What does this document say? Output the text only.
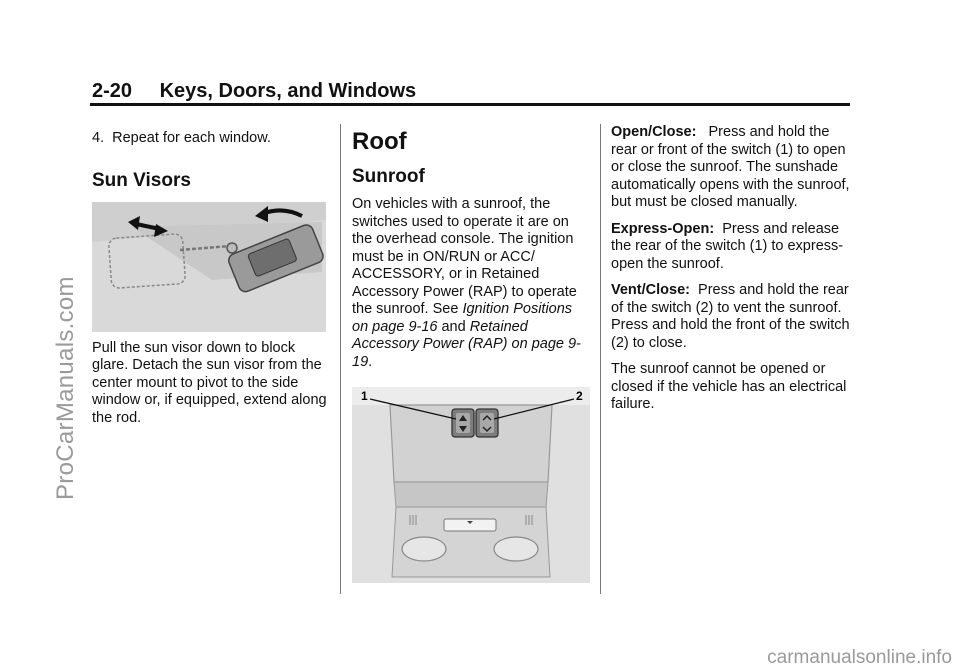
2-20 Keys, Doors, and Windows
4. Repeat for each window.
Sun Visors

Pull the sun visor down to block glare. Detach the sun visor from the center mount to pivot to the side window or, if equipped, extend along the rod.

Roof
Sunroof

On vehicles with a sunroof, the switches used to operate it are on the overhead console. The ignition must be in ON/RUN or ACC/ ACCESSORY, or in Retained Accessory Power (RAP) to operate the sunroof. See Ignition Positions on page 9-16 and Retained Accessory Power (RAP) on page 9-19.

1	2

Open/Close: Press and hold the rear or front of the switch (1) to open or close the sunroof. The sunshade automatically opens with the sunroof, but must be closed manually.

Express-Open: Press and release the rear of the switch (1) to express-open the sunroof.

Vent/Close: Press and hold the rear of the switch (2) to vent the sunroof. Press and hold the front of the switch (2) to close.

The sunroof cannot be opened or closed if the vehicle has an electrical failure.

ProCarManuals.com
carmanualsonline.info
